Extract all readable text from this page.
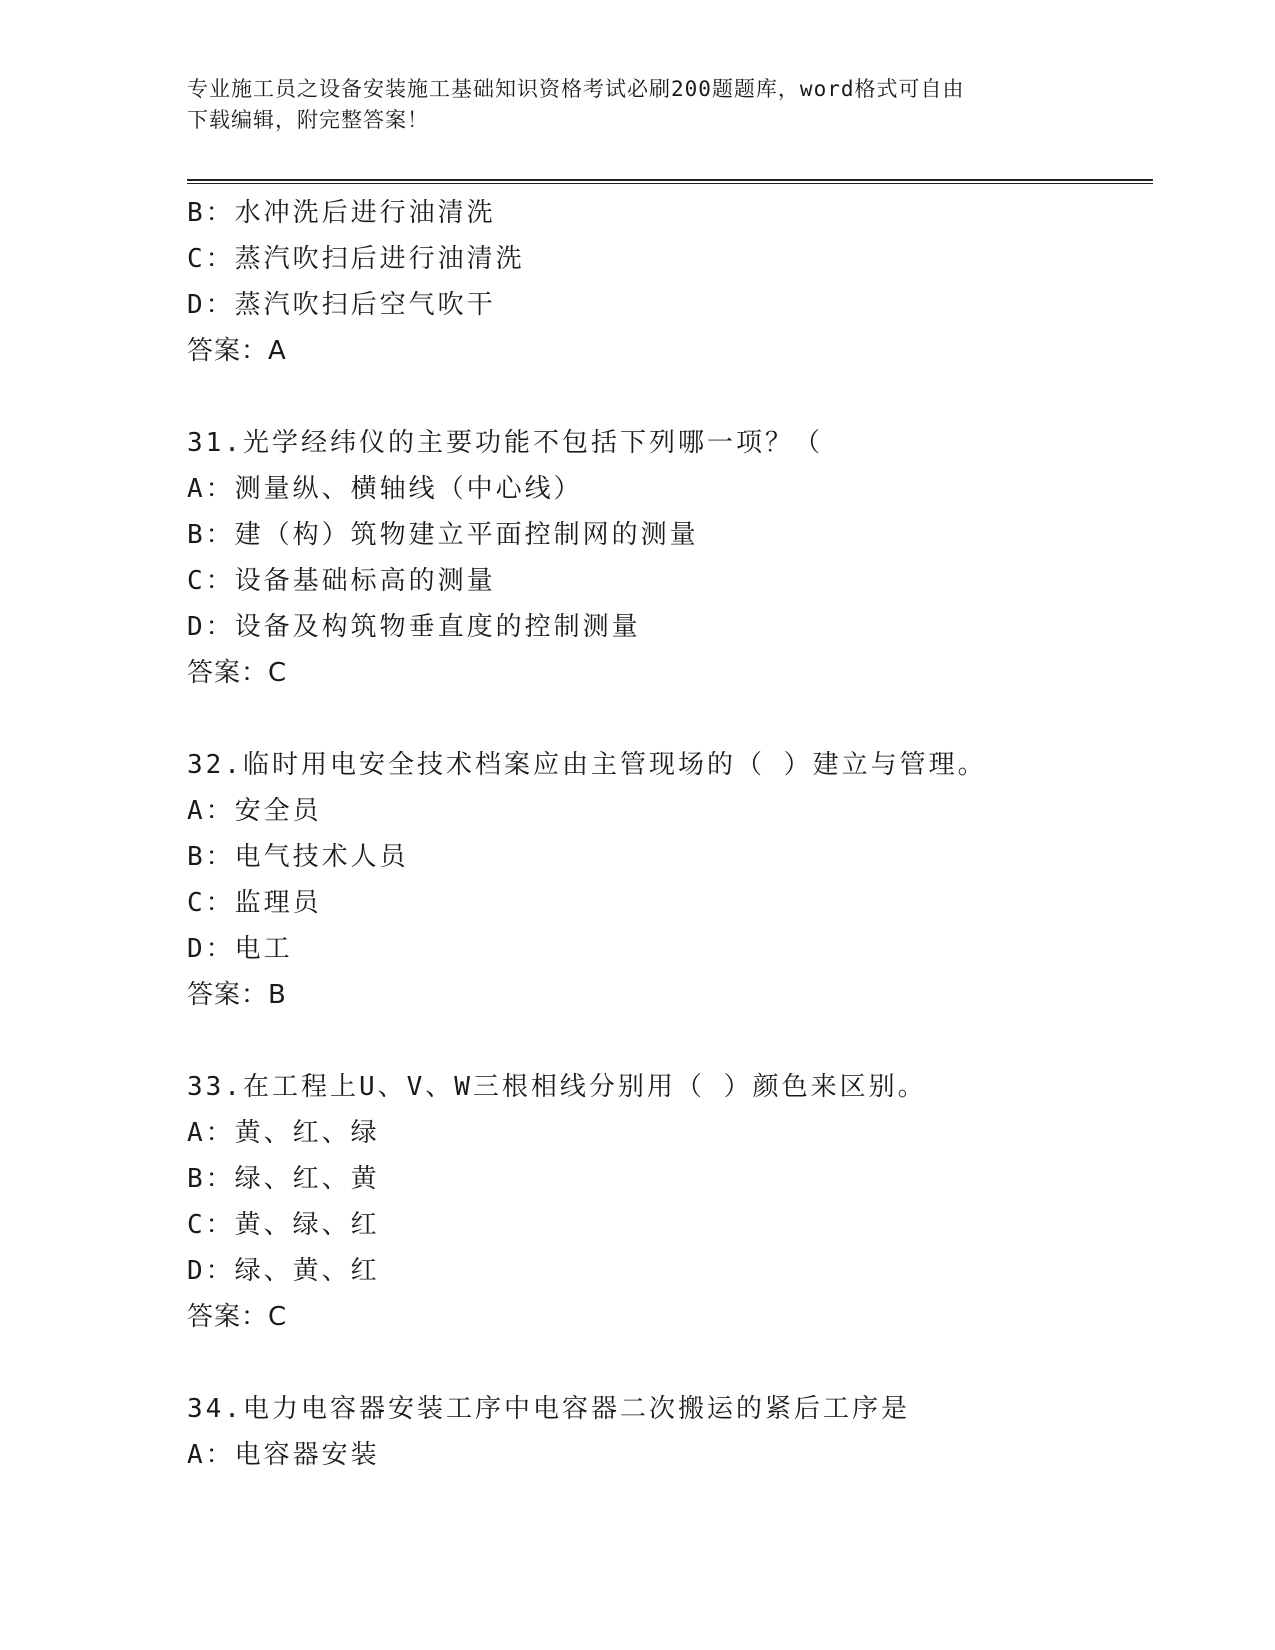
专业施工员之设备安装施工基础知识资格考试必刷200题题库，word格式可自由
下载编辑，附完整答案！
B：水冲洗后进行油清洗
C：蒸汽吹扫后进行油清洗
D：蒸汽吹扫后空气吹干
答案：A
31.光学经纬仪的主要功能不包括下列哪一项？（
A：测量纵、横轴线（中心线）
B：建（构）筑物建立平面控制网的测量
C：设备基础标高的测量
D：设备及构筑物垂直度的控制测量
答案：C
32.临时用电安全技术档案应由主管现场的（ ）建立与管理。
A：安全员
B：电气技术人员
C：监理员
D：电工
答案：B
33.在工程上U、V、W三根相线分别用（ ）颜色来区别。
A：黄、红、绿
B：绿、红、黄
C：黄、绿、红
D：绿、黄、红
答案：C
34.电力电容器安装工序中电容器二次搬运的紧后工序是
A：电容器安装
